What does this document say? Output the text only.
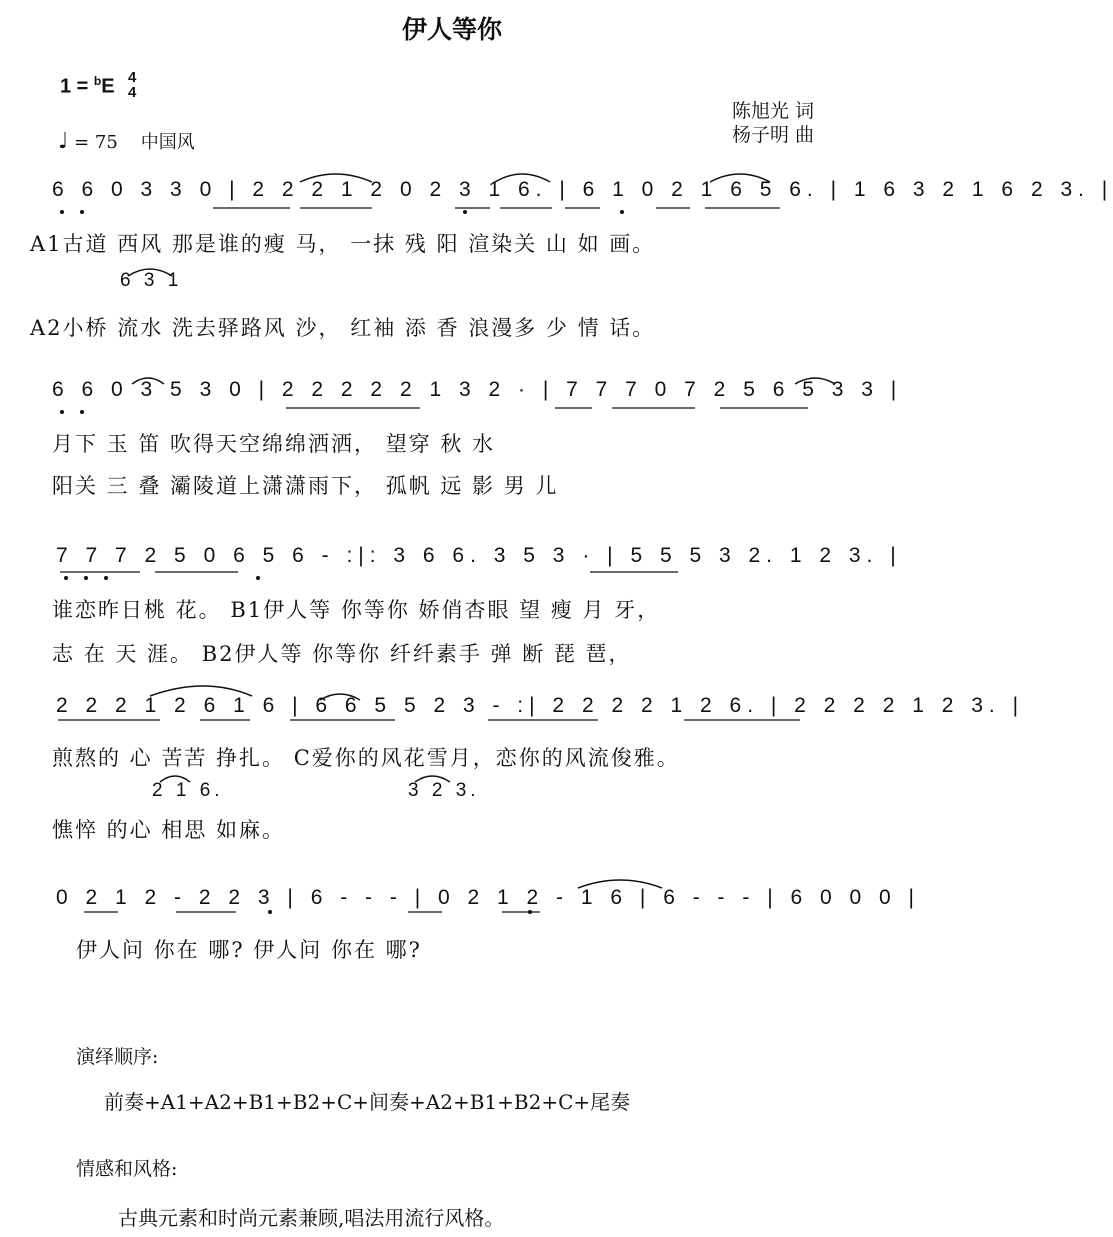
伊人等你
1 = $^b$E 4
4
♩ = 75 中国风
陈旭光 词
杨子明 曲
6 6 0 3 3 0 | 2 2 2 1 2 0 2 3 1 6. | 6 1 0 2 1 6 5 6. | 1 6 3 2 1 6 2 3. |
A1古道 西风 那是谁的瘦 马， 一抹 残 阳 渲染关 山 如 画。
6 3 1
A2小桥 流水 洗去驿路风 沙， 红袖 添 香 浪漫多 少 情 话。
6 6 0 3 5 3 0 | 2 2 2 2 2 1 3 2 · | 7 7 7 0 7 2 5 6 5 3 3 |
月下 玉 笛 吹得天空绵绵洒洒， 望穿 秋 水
阳关 三 叠 灞陵道上潇潇雨下， 孤帆 远 影 男 儿
7 7 7 2 5 0 6 5 6 - :|: 3 6 6. 3 5 3 · | 5 5 5 3 2. 1 2 3. |
谁恋昨日桃 花。 B1伊人等 你等你 娇俏杏眼 望 瘦 月 牙，
志 在 天 涯。 B2伊人等 你等你 纤纤素手 弹 断 琵 琶，
2 2 2 1 2 6 1 6 | 6 6 5 5 2 3 - :| 2 2 2 2 1 2 6. | 2 2 2 2 1 2 3. |
煎熬的 心 苦苦 挣扎。 C爱你的风花雪月，恋你的风流俊雅。
2 1 6.	3 2 3.
憔悴 的心 相思 如麻。
0 2 1 2 - 2 2 3 | 6 - - - | 0 2 1 2 - 1 6 | 6 - - - | 6 0 0 0 |
伊人问 你在 哪? 伊人问 你在 哪?
演绎顺序:
前奏+A1+A2+B1+B2+C+间奏+A2+B1+B2+C+尾奏
情感和风格:
古典元素和时尚元素兼顾,唱法用流行风格。
